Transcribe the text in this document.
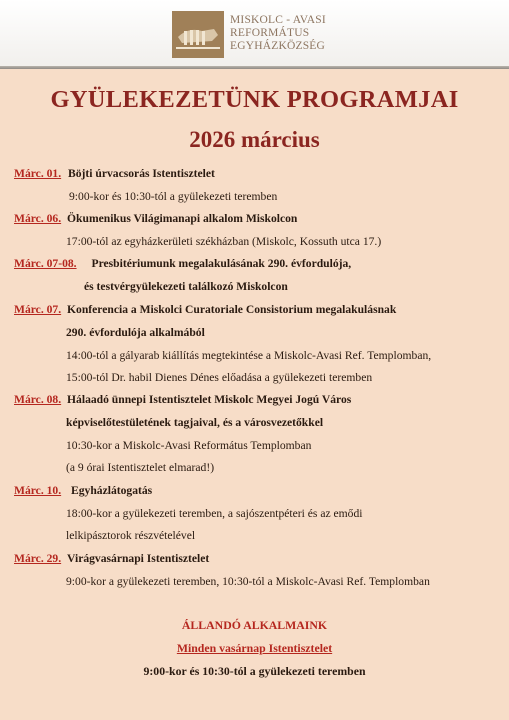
MISKOLC - AVASI
REFORMÁTUS
EGYHÁZKÖZSÉG
GYÜLEKEZETÜNK PROGRAMJAI
2026 március
Márc. 01. Böjti úrvacsorás Istentisztelet
9:00-kor és 10:30-tól a gyülekezeti teremben
Márc. 06. Ökumenikus Világimanapi alkalom Miskolcon
17:00-tól az egyházkerületi székházban (Miskolc, Kossuth utca 17.)
Márc. 07-08. Presbitériumunk megalakulásának 290. évfordulója,
és testvérgyülekezeti találkozó Miskolcon
Márc. 07. Konferencia a Miskolci Curatoriale Consistorium megalakulásnak
290. évfordulója alkalmából
14:00-tól a gályarab kiállítás megtekintése a Miskolc-Avasi Ref. Templomban,
15:00-tól Dr. habil Dienes Dénes előadása a gyülekezeti teremben
Márc. 08. Hálaadó ünnepi Istentisztelet Miskolc Megyei Jogú Város
képviselőtestületének tagjaival, és a városvezetőkkel
10:30-kor a Miskolc-Avasi Református Templomban
(a 9 órai Istentisztelet elmarad!)
Márc. 10. Egyházlátogatás
18:00-kor a gyülekezeti teremben, a sajószentpéteri és az emődi
lelkipásztorok részvételével
Márc. 29. Virágvasárnapi Istentisztelet
9:00-kor a gyülekezeti teremben, 10:30-tól a Miskolc-Avasi Ref. Templomban
ÁLLANDÓ ALKALMAINK
Minden vasárnap Istentisztelet
9:00-kor és 10:30-tól a gyülekezeti teremben
